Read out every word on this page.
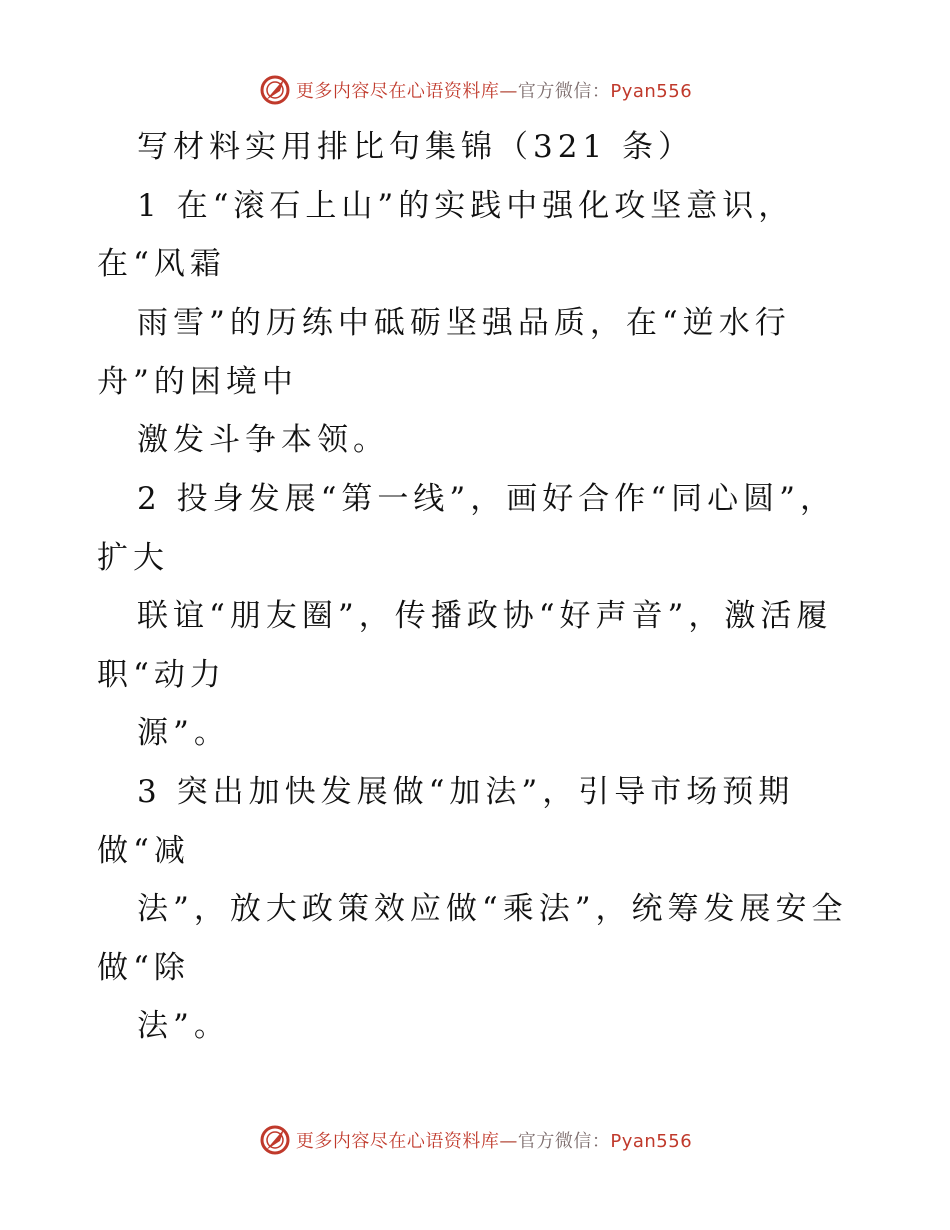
更多内容尽在心语资料库—官方微信：Pyan556
写材料实用排比句集锦（321 条）
1 在“滚石上山”的实践中强化攻坚意识，
在“风霜
雨雪”的历练中砥砺坚强品质，在“逆水行
舟”的困境中
激发斗争本领。
2 投身发展“第一线”，画好合作“同心圆”，
扩大
联谊“朋友圈”，传播政协“好声音”，激活履
职“动力
源”。
3 突出加快发展做“加法”，引导市场预期
做“减
法”，放大政策效应做“乘法”，统筹发展安全
做“除
法”。
更多内容尽在心语资料库—官方微信：Pyan556
